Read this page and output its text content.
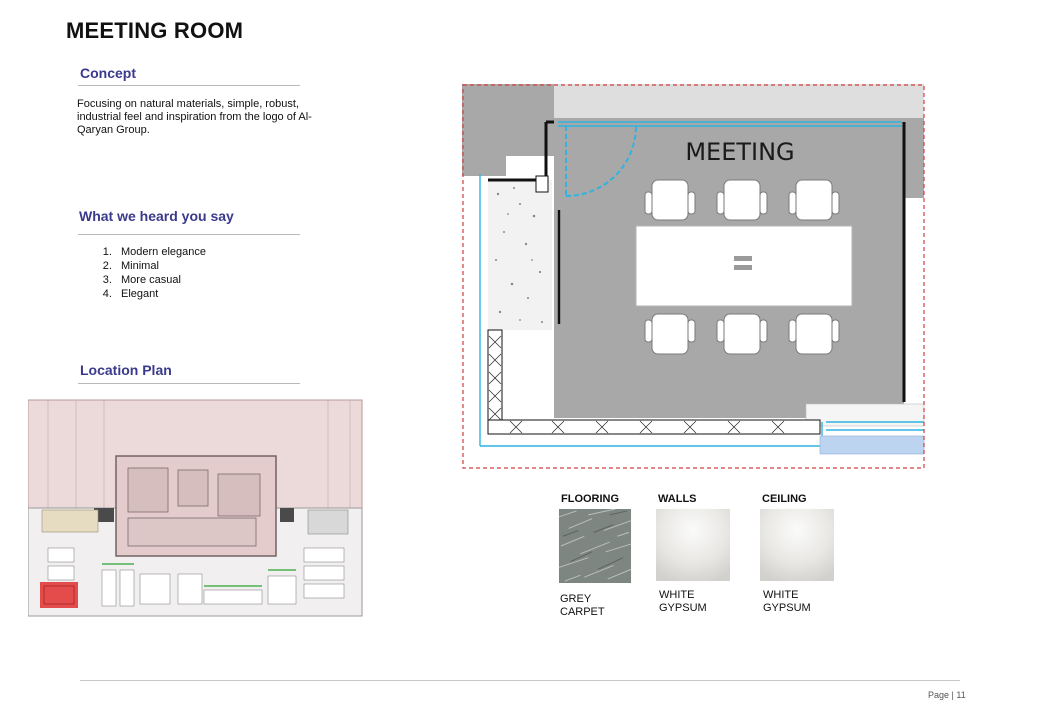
MEETING ROOM
Concept
Focusing on natural materials, simple, robust,
industrial feel and inspiration from the logo of Al-
Qaryan Group.
What we heard you say
1. Modern elegance
2. Minimal
3. More casual
4. Elegant
Location Plan
MEETING
FLOORING	WALLS	CEILING
GREY
CARPET
WHITE
GYPSUM
WHITE
GYPSUM
Page | 11
